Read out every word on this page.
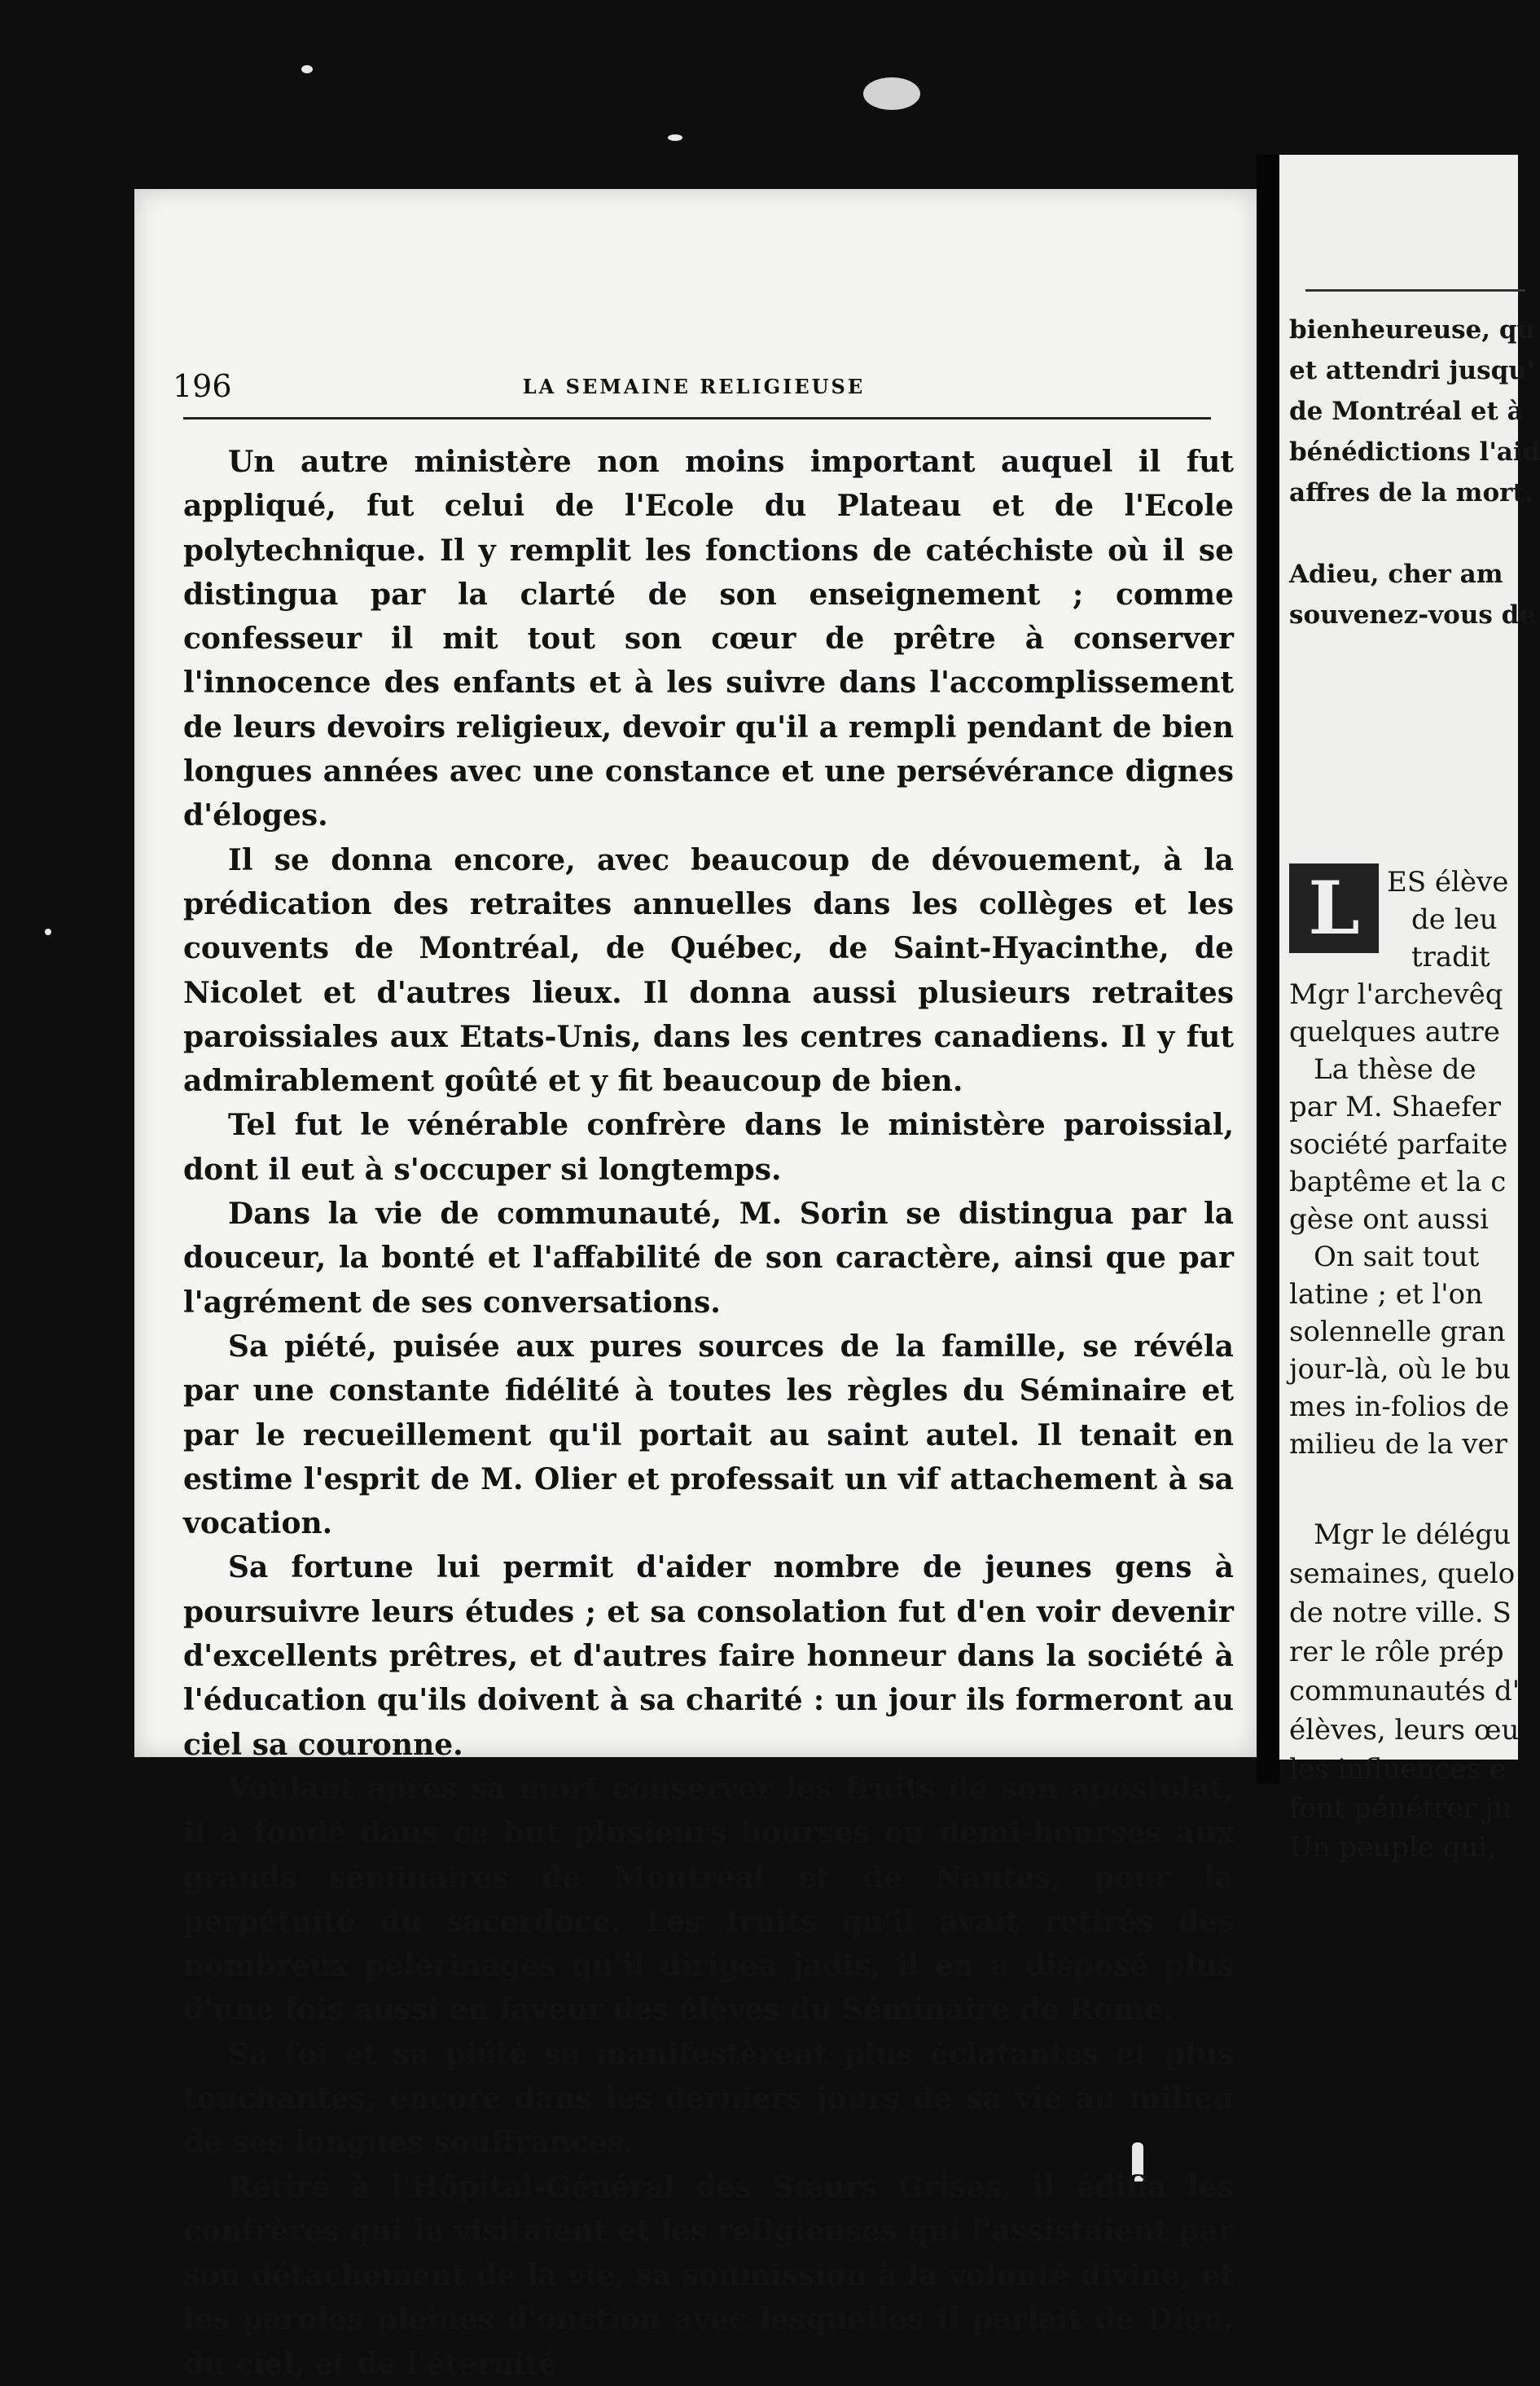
196	LA SEMAINE RELIGIEUSE

Un autre ministère non moins important auquel il fut appliqué, fut celui de l'Ecole du Plateau et de l'Ecole polytechnique. Il y remplit les fonctions de catéchiste où il se distingua par la clarté de son enseignement ; comme confesseur il mit tout son cœur de prêtre à conserver l'innocence des enfants et à les suivre dans l'accomplissement de leurs devoirs religieux, devoir qu'il a rempli pendant de bien longues années avec une constance et une persévérance dignes d'éloges.

Il se donna encore, avec beaucoup de dévouement, à la prédication des retraites annuelles dans les collèges et les couvents de Montréal, de Québec, de Saint-Hyacinthe, de Nicolet et d'autres lieux. Il donna aussi plusieurs retraites paroissiales aux Etats-Unis, dans les centres canadiens. Il y fut admirablement goûté et y fit beaucoup de bien.

Tel fut le vénérable confrère dans le ministère paroissial, dont il eut à s'occuper si longtemps.

Dans la vie de communauté, M. Sorin se distingua par la douceur, la bonté et l'affabilité de son caractère, ainsi que par l'agrément de ses conversations.

Sa piété, puisée aux pures sources de la famille, se révéla par une constante fidélité à toutes les règles du Séminaire et par le recueillement qu'il portait au saint autel. Il tenait en estime l'esprit de M. Olier et professait un vif attachement à sa vocation.

Sa fortune lui permit d'aider nombre de jeunes gens à poursuivre leurs études ; et sa consolation fut d'en voir devenir d'excellents prêtres, et d'autres faire honneur dans la société à l'éducation qu'ils doivent à sa charité : un jour ils formeront au ciel sa couronne.

Voulant après sa mort conserver les fruits de son apostolat, il a fondé dans ce but plusieurs bourses ou demi-bourses aux grands séminaires de Montréal et de Nantes, pour la perpétuité du sacerdoce. Les fruits qu'il avait retirés des nombreux pèlerinages qu'il dirigea jadis, il en a disposé plus d'une fois aussi en faveur des élèves du Séminaire de Rome.

Sa foi et sa piété se manifestèrent plus éclatantes et plus touchantes, encore dans les derniers jours de sa vie au milieu de ses longues souffrances.

Retiré à l'Hôpital-Général des Sœurs Grises, il édifia les confrères qui le visitaient et les religieuses qui l'assistaient par son détachement de la vie, sa soumission à la volonté divine, et les paroles pleines d'onction avec lesquelles il parlait de Dieu, du ciel, et de l'éternité

bienheureuse, qu
et attendri jusqu'
de Montréal et à
bénédictions l'aid
affres de la mort.

Adieu, cher am
souvenez-vous de
L ES élève
de leu
tradit
Mgr l'archevêq
quelques autre
La thèse de
par M. Shaefer
société parfaite
baptême et la c
gèse ont aussi
On sait tout
latine ; et l'on
solennelle gran
jour-là, où le bu
mes in-folios de
milieu de la ver
Mgr le délégu
semaines, quelo
de notre ville. S
rer le rôle prép
communautés d'
élèves, leurs œu
les influences e
font pénétrer ju
Un peuple qui,
